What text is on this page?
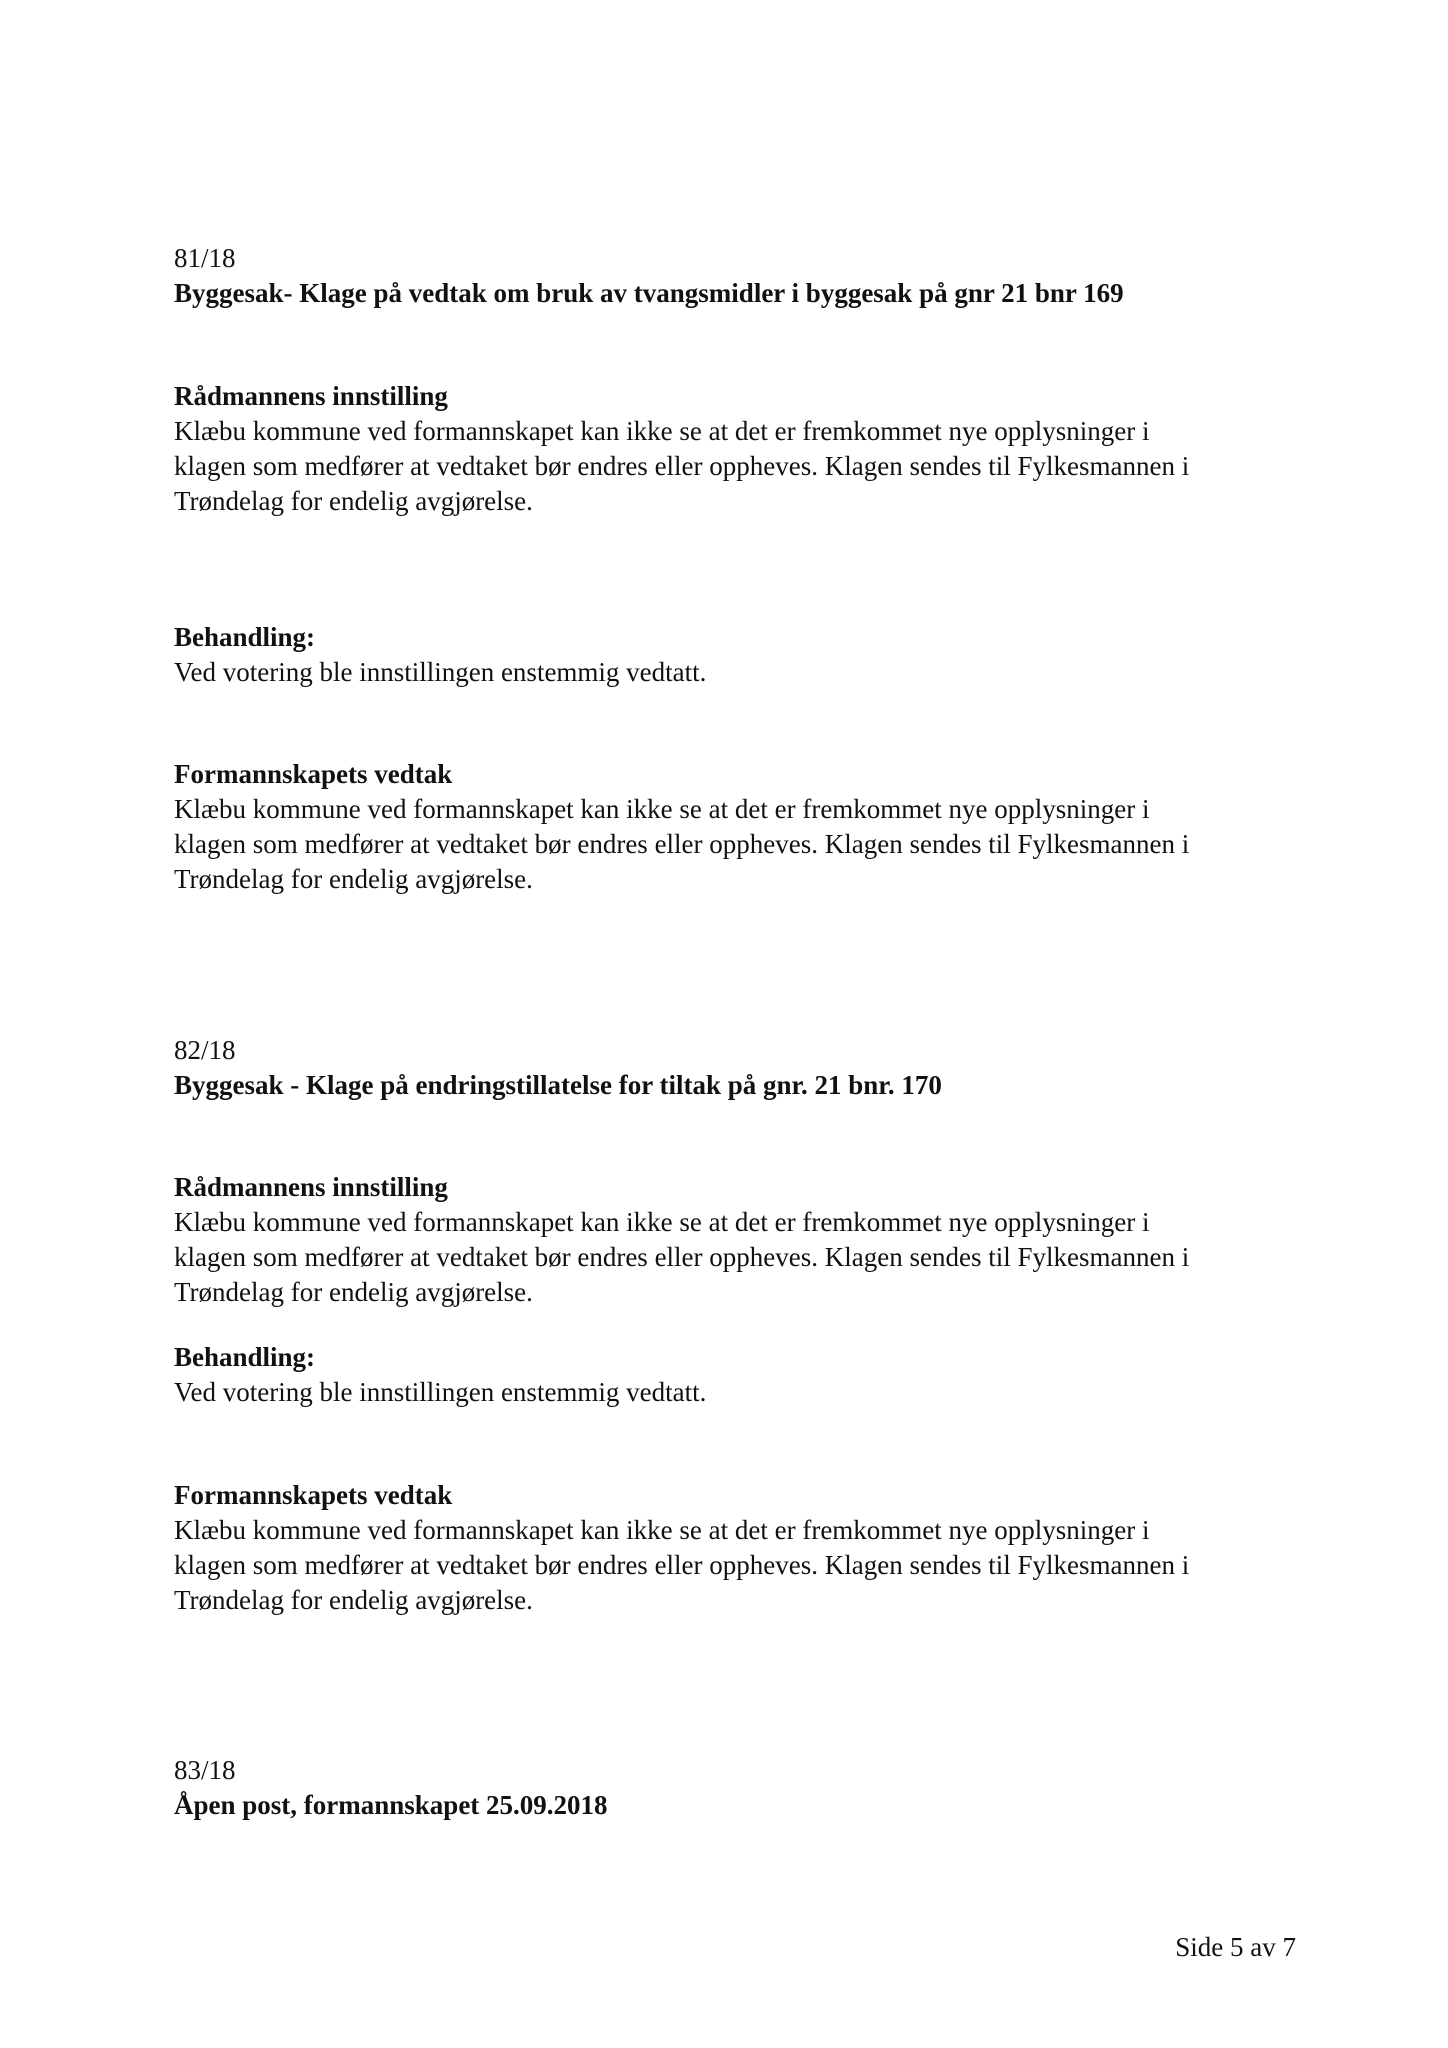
81/18
Byggesak- Klage på vedtak om bruk av tvangsmidler i byggesak på gnr 21 bnr 169
Rådmannens innstilling
Klæbu kommune ved formannskapet kan ikke se at det er fremkommet nye opplysninger i
klagen som medfører at vedtaket bør endres eller oppheves. Klagen sendes til Fylkesmannen i
Trøndelag for endelig avgjørelse.
Behandling:
Ved votering ble innstillingen enstemmig vedtatt.
Formannskapets vedtak
Klæbu kommune ved formannskapet kan ikke se at det er fremkommet nye opplysninger i
klagen som medfører at vedtaket bør endres eller oppheves. Klagen sendes til Fylkesmannen i
Trøndelag for endelig avgjørelse.
82/18
Byggesak - Klage på endringstillatelse for tiltak på gnr. 21 bnr. 170
Rådmannens innstilling
Klæbu kommune ved formannskapet kan ikke se at det er fremkommet nye opplysninger i
klagen som medfører at vedtaket bør endres eller oppheves. Klagen sendes til Fylkesmannen i
Trøndelag for endelig avgjørelse.
Behandling:
Ved votering ble innstillingen enstemmig vedtatt.
Formannskapets vedtak
Klæbu kommune ved formannskapet kan ikke se at det er fremkommet nye opplysninger i
klagen som medfører at vedtaket bør endres eller oppheves. Klagen sendes til Fylkesmannen i
Trøndelag for endelig avgjørelse.
83/18
Åpen post, formannskapet 25.09.2018
Side 5 av 7
